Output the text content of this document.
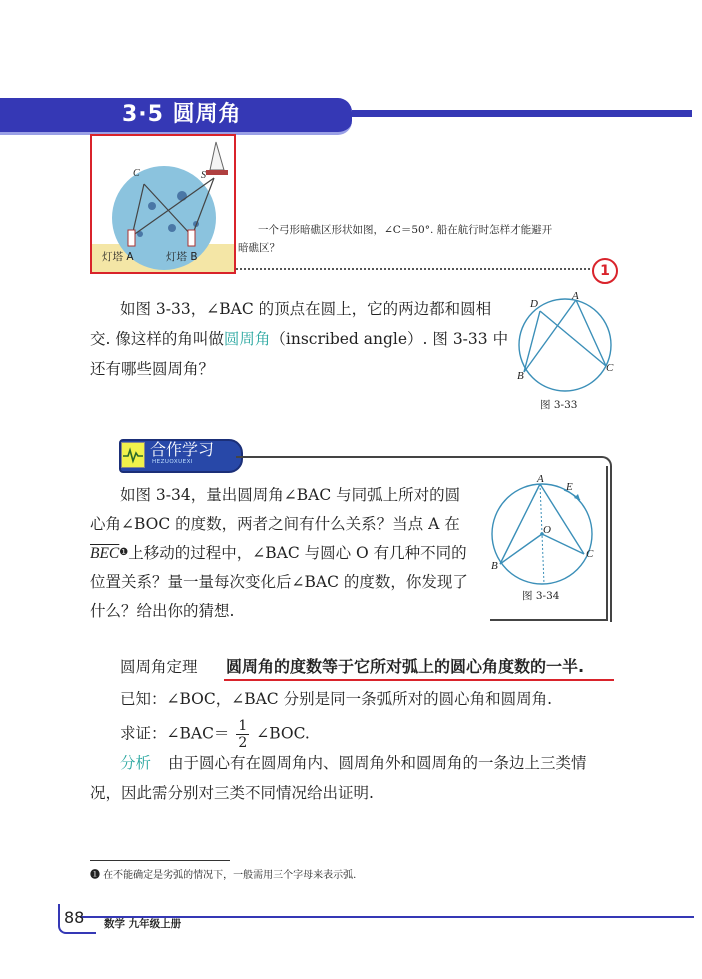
3·5 圆周角
C	S
灯塔 A	灯塔 B
一个弓形暗礁区形状如图，∠C＝50°. 船在航行时怎样才能避开
暗礁区？
1
如图 3-33，∠BAC 的顶点在圆上，它的两边都和圆相
交. 像这样的角叫做圆周角（inscribed angle）. 图 3-33 中
还有哪些圆周角？
A
D
B
C
图 3-33
合作学习
HEZUOXUEXI
如图 3-34，量出圆周角∠BAC 与同弧上所对的圆
心角∠BOC 的度数，两者之间有什么关系？当点 A 在
$\overline{BEC}^❶$上移动的过程中，∠BAC 与圆心 O 有几种不同的
位置关系？量一量每次变化后∠BAC 的度数，你发现了
什么？给出你的猜想.
A
E
O
B
C
图 3-34
圆周角定理 圆周角的度数等于它所对弧上的圆心角度数的一半.
已知：∠BOC，∠BAC 分别是同一条弧所对的圆心角和圆周角.
求证：∠BAC＝ $\frac{1}{2}$ ∠BOC.
分析 由于圆心有在圆周角内、圆周角外和圆周角的一条边上三类情
况，因此需分别对三类不同情况给出证明.
❶ 在不能确定是劣弧的情况下，一般需用三个字母来表示弧.
88 数学 九年级上册
